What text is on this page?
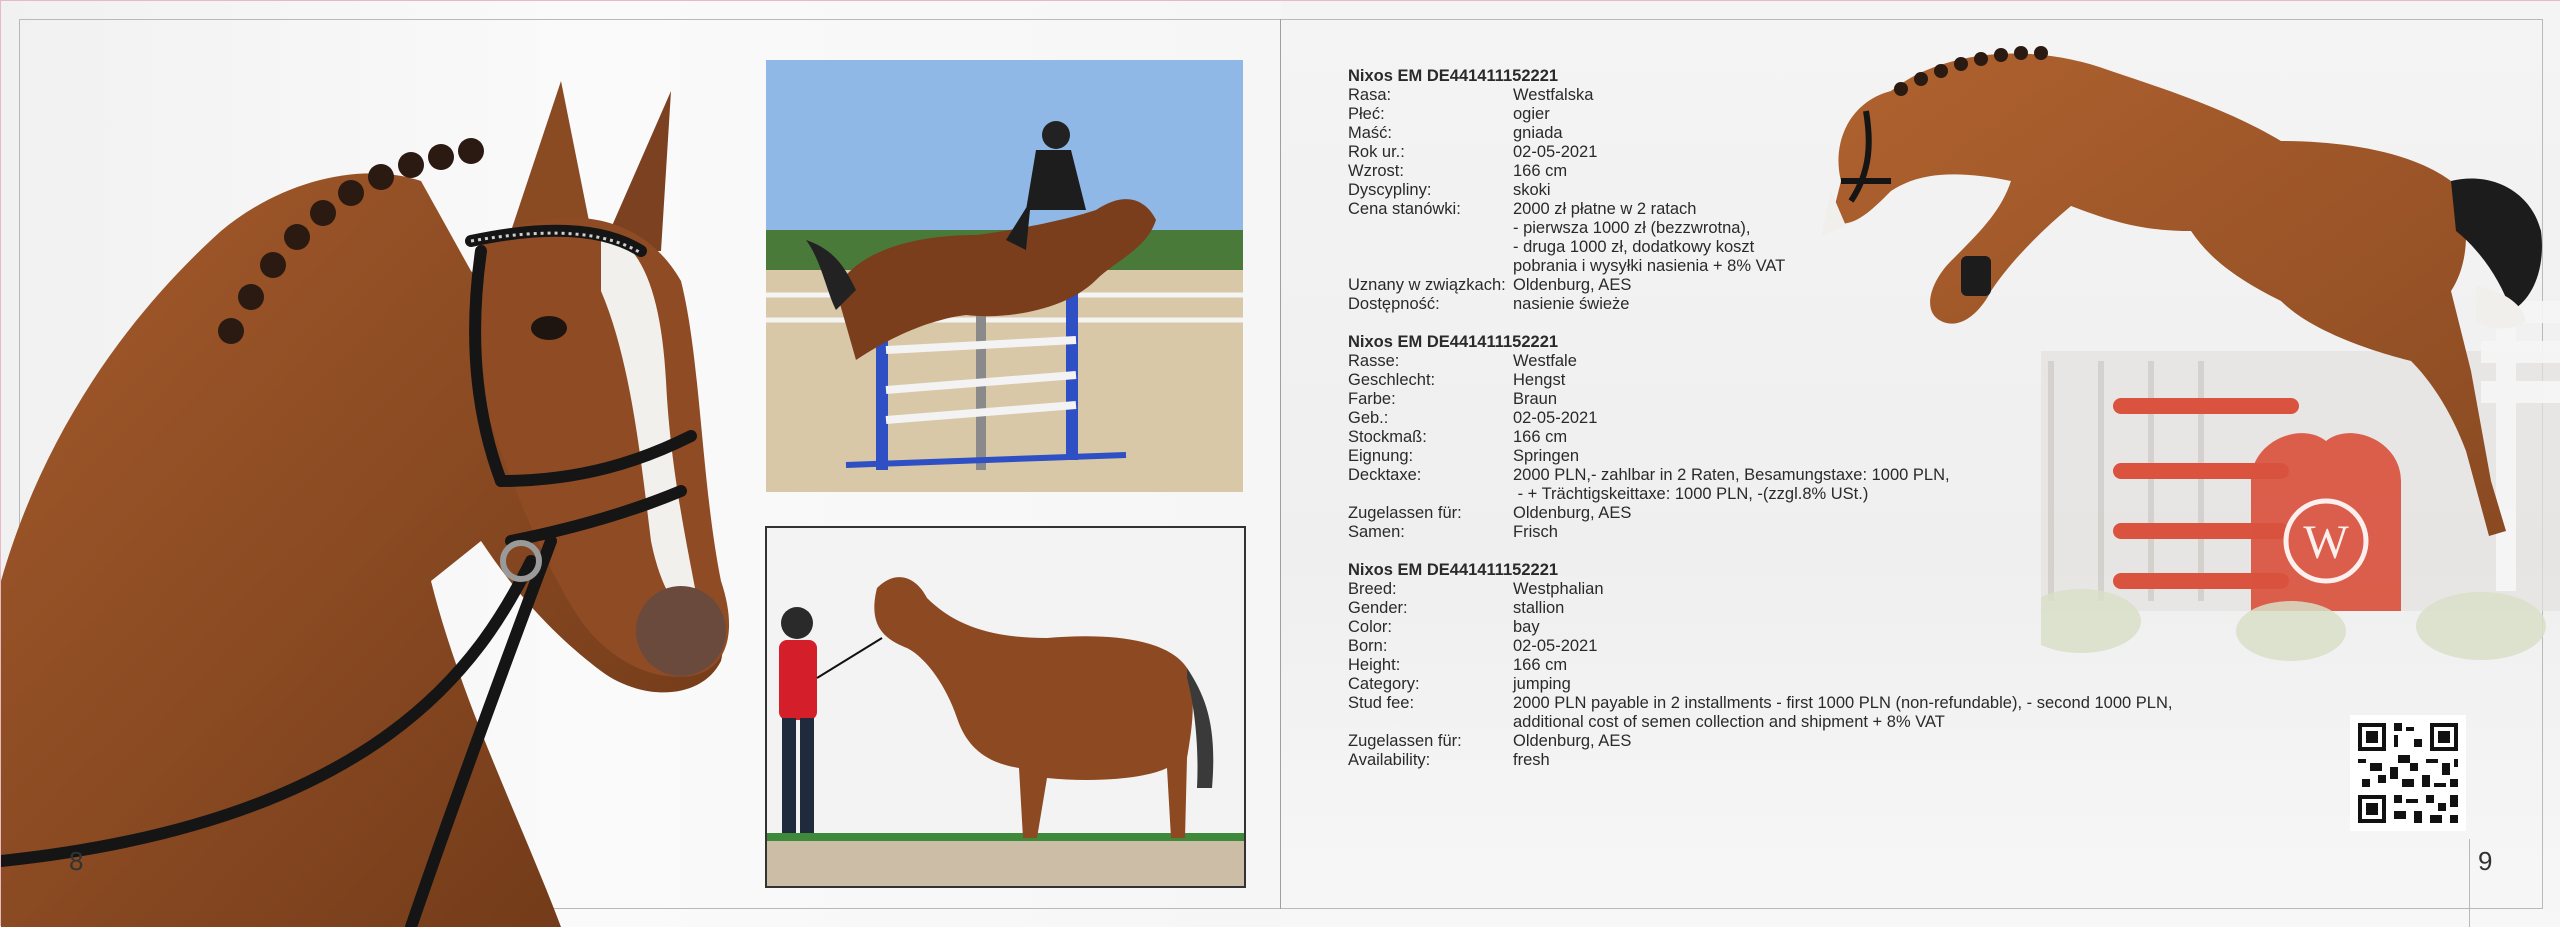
8	9
W
Nixos EM DE441411152221
Rasa:	Westfalska
Płeć:	ogier
Maść:	gniada
Rok ur.:	02-05-2021
Wzrost:	166 cm
Dyscypliny:	skoki
Cena stanówki:	2000 zł płatne w 2 ratach
- pierwsza 1000 zł (bezzwrotna),
- druga 1000 zł, dodatkowy koszt
pobrania i wysyłki nasienia + 8% VAT
Uznany w związkach: Oldenburg, AES
Dostępność:	nasienie świeże
Nixos EM DE441411152221
Rasse:	Westfale
Geschlecht:	Hengst
Farbe:	Braun
Geb.:	02-05-2021
Stockmaß:	166 cm
Eignung:	Springen
Decktaxe:	2000 PLN,- zahlbar in 2 Raten, Besamungstaxe: 1000 PLN,
- + Trächtigskeittaxe: 1000 PLN, -(zzgl.8% USt.)
Zugelassen für:	Oldenburg, AES
Samen:	Frisch
Nixos EM DE441411152221
Breed:	Westphalian
Gender:	stallion
Color:	bay
Born:	02-05-2021
Height:	166 cm
Category:	jumping
Stud fee:	2000 PLN payable in 2 installments - first 1000 PLN (non-refundable), - second 1000 PLN,
additional cost of semen collection and shipment + 8% VAT
Zugelassen für:	Oldenburg, AES
Availability:	fresh
